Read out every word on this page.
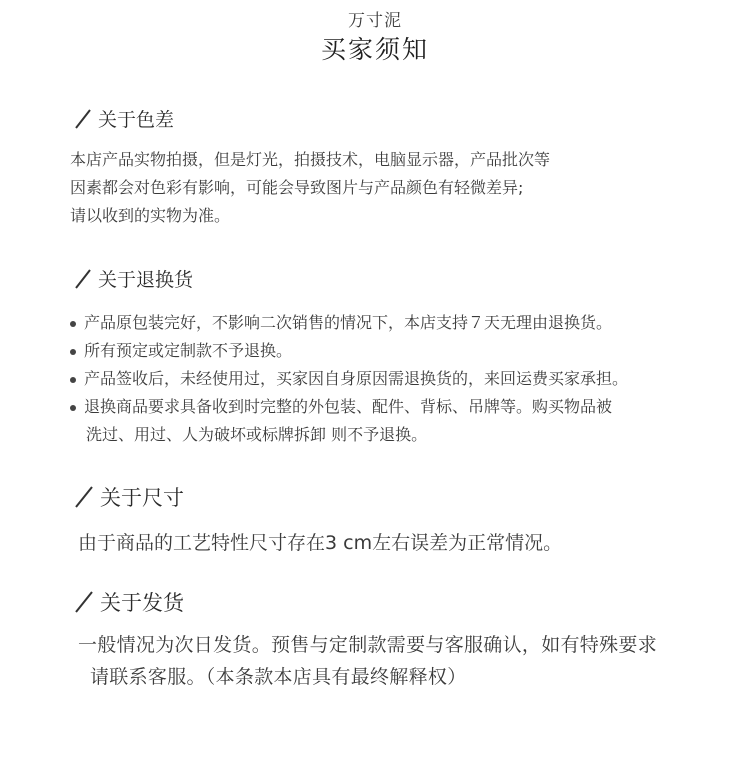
万寸泥
买家须知
关于色差
本店产品实物拍摄，但是灯光，拍摄技术，电脑显示器，产品批次等
因素都会对色彩有影响，可能会导致图片与产品颜色有轻微差异;
请以收到的实物为准。
关于退换货
产品原包装完好，不影响二次销售的情况下，本店支持７天无理由退换货。
所有预定或定制款不予退换。
产品签收后，未经使用过，买家因自身原因需退换货的，来回运费买家承担。
退换商品要求具备收到时完整的外包装、配件、背标、吊牌等。购买物品被
洗过、用过、人为破坏或标牌拆卸 则不予退换。
关于尺寸
由于商品的工艺特性尺寸存在3 cm左右误差为正常情况。
关于发货
一般情况为次日发货。预售与定制款需要与客服确认，如有特殊要求
请联系客服。（本条款本店具有最终解释权）
